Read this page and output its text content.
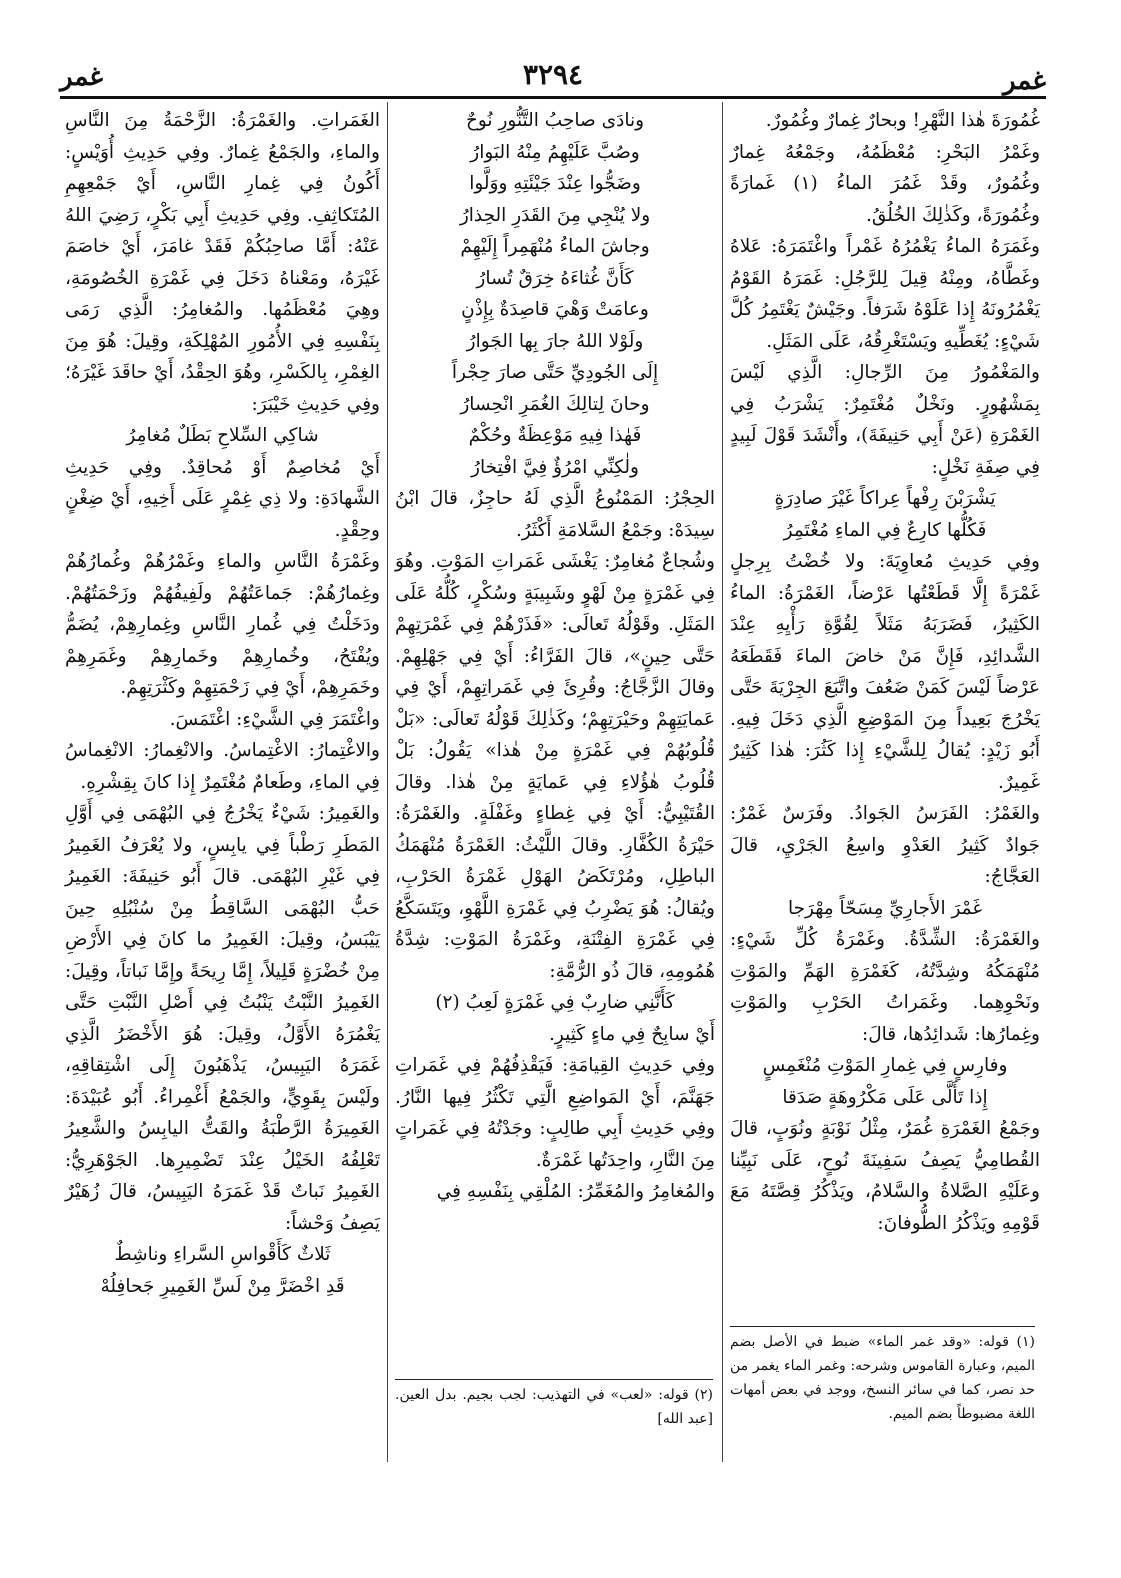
غمر	٣٢٩٤	غمر

غُمُورَةَ هٰذا النَّهْرِ! وبحارٌ غِمارٌ وغُمُورٌ.

وغَمْرُ البَحْرِ: مُعْظَمُهُ، وجَمْعُهُ غِمارٌ وغُمُورٌ، وقَدْ غَمُرَ الماءُ (١) غَمارَةً وغُمُورَةً، وكَذٰلِكَ الخُلُقُ.

وغَمَرَهُ الماءُ يَغْمُرُهُ غَمْراً واغْتَمَرَهُ: عَلاهُ وغَطَّاهُ، ومِنْهُ قِيلَ لِلرَّجُلِ: غَمَرَهُ القَوْمُ يَغْمُرُونَهُ إِذا عَلَوْهُ شَرَفاً. وجَيْشٌ يَغْتَمِرُ كُلَّ شَيْءٍ: يُغَطِّيهِ ويَسْتَغْرِقُهُ، عَلَى المَثَلِ.

والمَغْمُورُ مِنَ الرِّجالِ: الَّذِي لَيْسَ بِمَشْهُورٍ. ونَخْلٌ مُغْتَمِرٌ: يَشْرَبُ فِي الغَمْرَةِ (عَنْ أَبِي حَنِيفَةَ)، وأَنْشَدَ قَوْلَ لَبِيدٍ فِي صِفَةِ نَخْلٍ:

يَشْرَبْنَ رِفْهاً عِراكاً غَيْرَ صادِرَةٍ

فَكُلُّها كارِعٌ فِي الماءِ مُغْتَمِرُ

وفِي حَدِيثِ مُعاوِيَةَ: ولا خُضْتُ بِرِجلٍ غَمْرَةً إِلَّا قَطَعْتُها عَرْضاً، الغَمْرَةُ: الماءُ الكَثِيرُ، فَضَرَبَهُ مَثَلاً لِقُوَّةِ رَأْيِهِ عِنْدَ الشَّدائِدِ، فَإِنَّ مَنْ خاضَ الماءَ فَقَطَعَهُ عَرْضاً لَيْسَ كَمَنْ ضَعُفَ واتَّبَعَ الجِرْيَةَ حَتَّى يَخْرُجَ بَعِيداً مِنَ المَوْضِعِ الَّذِي دَخَلَ فِيهِ. أَبُو زَيْدٍ: يُقالُ لِلشَّيْءِ إِذا كَثُرَ: هٰذا كَثِيرٌ غَمِيرٌ.

والغَمْرُ: الفَرَسُ الجَوادُ. وفَرَسٌ غَمْرٌ: جَوادٌ كَثِيرُ العَدْوِ واسِعُ الجَرْيِ، قالَ العَجَّاجُ:

غَمْرَ الأَجارِيِّ مِسَحّاً مِهْرَجا

والغَمْرَةُ: الشِّدَّةُ. وغَمْرَةُ كُلِّ شَيْءٍ: مُنْهَمَكُهُ وشِدَّتُهُ، كَغَمْرَةِ الهَمِّ والمَوْتِ ونَحْوِهِما. وغَمَراتُ الحَرْبِ والمَوْتِ وغِمارُها: شَدائِدُها، قالَ:

وفارِسٍ فِي غِمارِ المَوْتِ مُنْغَمِسٍ

إِذا تَأَلَّى عَلَى مَكْرُوهَةٍ صَدَقا

وجَمْعُ الغَمْرَةِ غُمَرٌ، مِثْلُ نَوْبَةٍ ونُوَبٍ، قالَ القُطامِيُّ يَصِفُ سَفِينَةَ نُوحٍ، عَلَى نَبِيِّنا وعَلَيْهِ الصَّلاةُ والسَّلامُ، ويَذْكُرُ قِصَّتَهُ مَعَ قَوْمِهِ ويَذْكُرُ الطُّوفانَ:

ونادَى صاحِبُ التَّنُّورِ نُوحٌ

وصُبَّ عَلَيْهِمُ مِنْهُ البَوارُ

وضَجُّوا عِنْدَ جَيْئَتِهِ ووَلَّوا

ولا يُنْجِي مِنَ القَدَرِ الحِذارُ

وجاشَ الماءُ مُنْهَمِراً إِلَيْهِمْ

كَأَنَّ غُثاءَهُ خِرَقٌ تُسارُ

وعامَتْ وَهْيَ قاصِدَةٌ بِإِذْنٍ

ولَوْلا اللهُ جارَ بِها الجَوارُ

إِلَى الجُودِيِّ حَتَّى صارَ حِجْراً

وحانَ لِتالِكَ الغُمَرِ انْحِسارُ

فَهٰذا فِيهِ مَوْعِظَةٌ وحُكْمٌ

ولٰكِنِّي امْرُؤٌ فِيَّ افْتِخارُ

الحِجْرُ: المَمْنُوعُ الَّذِي لَهُ حاجِزٌ، قالَ ابْنُ سِيدَهْ: وجَمْعُ السَّلامَةِ أَكْثَرُ.

وشُجاعٌ مُغامِرٌ: يَغْشَى غَمَراتِ المَوْتِ. وهُوَ فِي غَمْرَةٍ مِنْ لَهْوٍ وشَبِيبَةٍ وسُكْرٍ، كُلُّهُ عَلَى المَثَلِ. وقَوْلُهُ تَعالَى: «فَذَرْهُمْ فِي غَمْرَتِهِمْ حَتَّى حِينٍ»، قالَ الفَرَّاءُ: أَيْ فِي جَهْلِهِمْ. وقالَ الزَّجَّاجُ: وقُرِئَ فِي غَمَراتِهِمْ، أَيْ فِي عَمايَتِهِمْ وحَيْرَتِهِمْ؛ وكَذٰلِكَ قَوْلُهُ تَعالَى: «بَلْ قُلُوبُهُمْ فِي غَمْرَةٍ مِنْ هٰذا» يَقُولُ: بَلْ قُلُوبُ هٰؤُلاءِ فِي عَمايَةٍ مِنْ هٰذا. وقالَ القُتَيْبِيُّ: أَيْ فِي غِطاءٍ وغَفْلَةٍ. والغَمْرَةُ: حَيْرَةُ الكُفَّارِ. وقالَ اللَّيْثُ: الغَمْرَةُ مُنْهَمَكُ الباطِلِ، ومُرْتَكَضُ الهَوْلِ غَمْرَةُ الحَرْبِ، ويُقالُ: هُوَ يَضْرِبُ فِي غَمْرَةِ اللَّهْوِ، ويَتَسَكَّعُ فِي غَمْرَةِ الفِتْنَةِ، وغَمْرَةُ المَوْتِ: شِدَّةُ هُمُومِهِ، قالَ ذُو الرُّمَّةِ:

كَأَنَّنِي ضارِبٌ فِي غَمْرَةٍ لَعِبُ (٢)

أَيْ سابِحٌ فِي ماءٍ كَثِيرٍ.

وفِي حَدِيثِ القِيامَةِ: فَيَقْذِفُهُمْ فِي غَمَراتِ جَهَنَّمَ، أَيْ المَواضِعِ الَّتِي تَكْثُرُ فِيها النَّارُ. وفِي حَدِيثِ أَبِي طالِبٍ: وجَدْتُهُ فِي غَمَراتٍ مِنَ النَّارِ، واحِدَتُها غَمْرَةٌ.

والمُغامِرُ والمُغَمِّرُ: المُلْقِي بِنَفْسِهِ فِي

الغَمَراتِ. والغَمْرَةُ: الزَّحْمَةُ مِنَ النَّاسِ والماءِ، والجَمْعُ غِمارٌ. وفِي حَدِيثِ أُوَيْسٍ: أَكُونُ فِي غِمارِ النَّاسِ، أَيْ جَمْعِهِمِ المُتَكاثِفِ. وفِي حَدِيثِ أَبِي بَكْرٍ، رَضِيَ اللهُ عَنْهُ: أَمَّا صاحِبُكُمْ فَقَدْ غامَرَ، أَيْ خاصَمَ غَيْرَهُ، ومَعْناهُ دَخَلَ فِي غَمْرَةِ الخُصُومَةِ، وهِيَ مُعْظَمُها. والمُغامِرُ: الَّذِي رَمَى بِنَفْسِهِ فِي الأُمُورِ المُهْلِكَةِ، وقِيلَ: هُوَ مِنَ الغِمْرِ، بِالكَسْرِ، وهُوَ الحِقْدُ، أَيْ حاقَدَ غَيْرَهُ؛ وفِي حَدِيثِ خَيْبَرَ:

شاكِي السِّلاحِ بَطَلٌ مُغامِرُ

أَيْ مُخاصِمٌ أَوْ مُحاقِدٌ. وفِي حَدِيثِ الشَّهادَةِ: ولا ذِي غِمْرٍ عَلَى أَخِيهِ، أَيْ ضِغْنٍ وحِقْدٍ.

وغَمْرَةُ النَّاسِ والماءِ وغَمْرُهُمْ وغُمارُهُمْ وغِمارُهُمْ: جَماعَتُهُمْ ولَفِيفُهُمْ وزَحْمَتُهُمْ. ودَخَلْتُ فِي غُمارِ النَّاسِ وغِمارِهِمْ، يُضَمُّ ويُفْتَحُ، وخُمارِهِمْ وخَمارِهِمْ وغَمَرِهِمْ وخَمَرِهِمْ، أَيْ فِي زَحْمَتِهِمْ وكَثْرَتِهِمْ.

واغْتَمَرَ فِي الشَّيْءِ: اغْتَمَسَ.

والاغْتِمارُ: الاغْتِماسُ. والانْغِمارُ: الانْغِماسُ فِي الماءِ، وطَعامٌ مُغْتَمِرٌ إِذا كانَ بِقِشْرِهِ.

والغَمِيرُ: شَيْءٌ يَخْرُجُ فِي البُهْمَى فِي أَوَّلِ المَطَرِ رَطْباً فِي يابِسٍ، ولا يُعْرَفُ الغَمِيرُ فِي غَيْرِ البُهْمَى. قالَ أَبُو حَنِيفَةَ: الغَمِيرُ حَبُّ البُهْمَى السَّاقِطُ مِنْ سُنْبُلِهِ حِينَ يَيْبَسُ، وقِيلَ: الغَمِيرُ ما كانَ فِي الأَرْضِ مِنْ خُضْرَةٍ قَلِيلاً، إِمَّا رِيحَةً وإِمَّا نَباتاً، وقِيلَ: الغَمِيرُ النَّبْتُ يَنْبُتُ فِي أَصْلِ النَّبْتِ حَتَّى يَغْمُرَهُ الأَوَّلُ، وقِيلَ: هُوَ الأَخْضَرُ الَّذِي غَمَرَهُ اليَبِيسُ، يَذْهَبُونَ إِلَى اشْتِقاقِهِ، ولَيْسَ بِقَوِيٍّ، والجَمْعُ أَغْمِراءُ. أَبُو عُبَيْدَةَ: الغَمِيرَةُ الرَّطْبَةُ والقَتُّ اليابِسُ والشَّعِيرُ تَعْلِفُهُ الخَيْلُ عِنْدَ تَضْمِيرِها. الجَوْهَرِيُّ: الغَمِيرُ نَباتٌ قَدْ غَمَرَهُ اليَبِيسُ، قالَ زُهَيْرٌ يَصِفُ وَحْشاً:

ثَلاثٌ كَأَقْواسِ السَّراءِ وناشِطٌ

قَدِ اخْضَرَّ مِنْ لَسِّ الغَمِيرِ جَحافِلُهْ

(١) قوله: «وقد غمر الماء» ضبط في الأصل بضم الميم، وعبارة القاموس وشرحه: وغمر الماء يغمر من حد نصر، كما في سائر النسخ، ووجد في بعض أمهات اللغة مضبوطاً بضم الميم.
(٢) قوله: «لعب» في التهذيب: لجب بجيم. بدل العين. [عبد الله]
